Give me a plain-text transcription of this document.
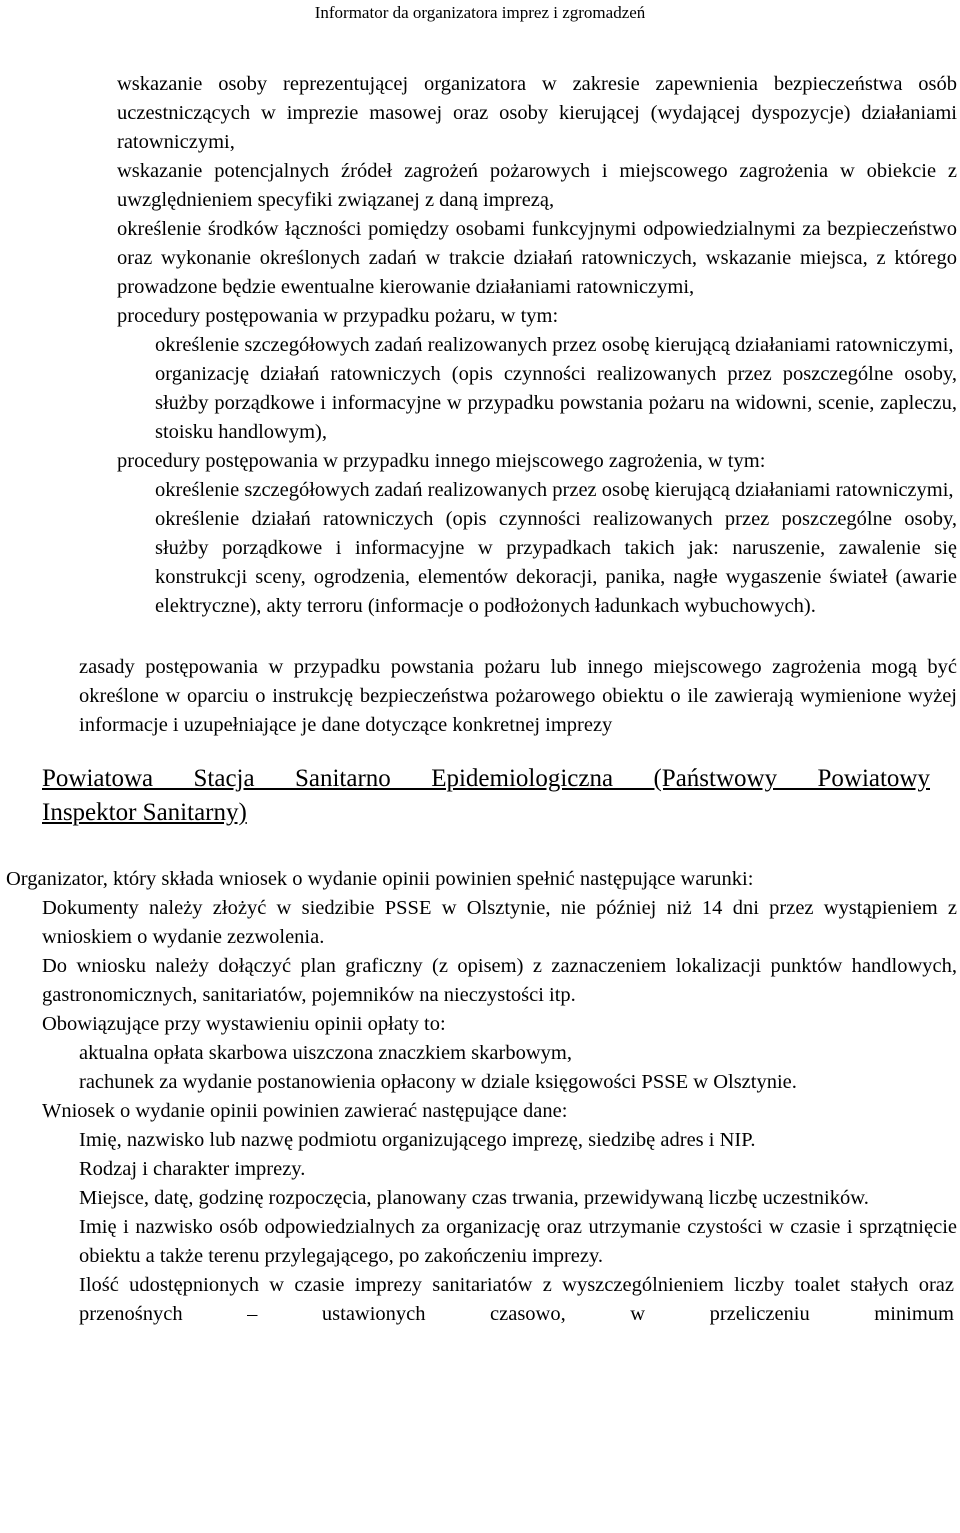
Informator da organizatora imprez i zgromadzeń
wskazanie osoby reprezentującej organizatora w zakresie zapewnienia bezpieczeństwa osób uczestniczących w imprezie masowej oraz osoby kierującej (wydającej dyspozycje) działaniami ratowniczymi,
wskazanie potencjalnych źródeł zagrożeń pożarowych i miejscowego zagrożenia w obiekcie z uwzględnieniem specyfiki związanej z daną imprezą,
określenie środków łączności pomiędzy osobami funkcyjnymi odpowiedzialnymi za bezpieczeństwo oraz wykonanie określonych zadań w trakcie działań ratowniczych, wskazanie miejsca, z którego prowadzone będzie ewentualne kierowanie działaniami ratowniczymi,
procedury postępowania w przypadku pożaru, w tym:
określenie szczegółowych zadań realizowanych przez osobę kierującą działaniami ratowniczymi,
organizację działań ratowniczych (opis czynności realizowanych przez poszczególne osoby, służby porządkowe i informacyjne w przypadku powstania pożaru na widowni, scenie, zapleczu, stoisku handlowym),
procedury postępowania w przypadku innego miejscowego zagrożenia, w tym:
określenie szczegółowych zadań realizowanych przez osobę kierującą działaniami ratowniczymi,
określenie działań ratowniczych (opis czynności realizowanych przez poszczególne osoby, służby porządkowe i informacyjne w przypadkach takich jak: naruszenie, zawalenie się konstrukcji sceny, ogrodzenia, elementów dekoracji, panika, nagłe wygaszenie świateł (awarie elektryczne), akty terroru (informacje o podłożonych ładunkach wybuchowych).
zasady postępowania w przypadku powstania pożaru lub innego miejscowego zagrożenia mogą być określone w oparciu o instrukcję bezpieczeństwa pożarowego obiektu o ile zawierają wymienione wyżej informacje i uzupełniające je dane dotyczące konkretnej imprezy
Powiatowa Stacja Sanitarno Epidemiologiczna (Państwowy Powiatowy
Inspektor Sanitarny)
Organizator, który składa wniosek o wydanie opinii powinien spełnić następujące warunki:
Dokumenty należy złożyć w siedzibie PSSE w Olsztynie, nie później niż 14 dni przez wystąpieniem z wnioskiem o wydanie zezwolenia.
Do wniosku należy dołączyć plan graficzny (z opisem) z zaznaczeniem lokalizacji punktów handlowych, gastronomicznych, sanitariatów, pojemników na nieczystości itp.
Obowiązujące przy wystawieniu opinii opłaty to:
aktualna opłata skarbowa uiszczona znaczkiem skarbowym,
rachunek za wydanie postanowienia opłacony w dziale księgowości PSSE w Olsztynie.
Wniosek o wydanie opinii powinien zawierać następujące dane:
Imię, nazwisko lub nazwę podmiotu organizującego imprezę, siedzibę adres i NIP.
Rodzaj i charakter imprezy.
Miejsce, datę, godzinę rozpoczęcia, planowany czas trwania, przewidywaną liczbę uczestników.
Imię i nazwisko osób odpowiedzialnych za organizację oraz utrzymanie czystości w czasie i sprzątnięcie obiektu a także terenu przylegającego, po zakończeniu imprezy.
Ilość udostępnionych w czasie imprezy sanitariatów z wyszczególnieniem liczby toalet stałych oraz przenośnych – ustawionych czasowo, w przeliczeniu minimum
